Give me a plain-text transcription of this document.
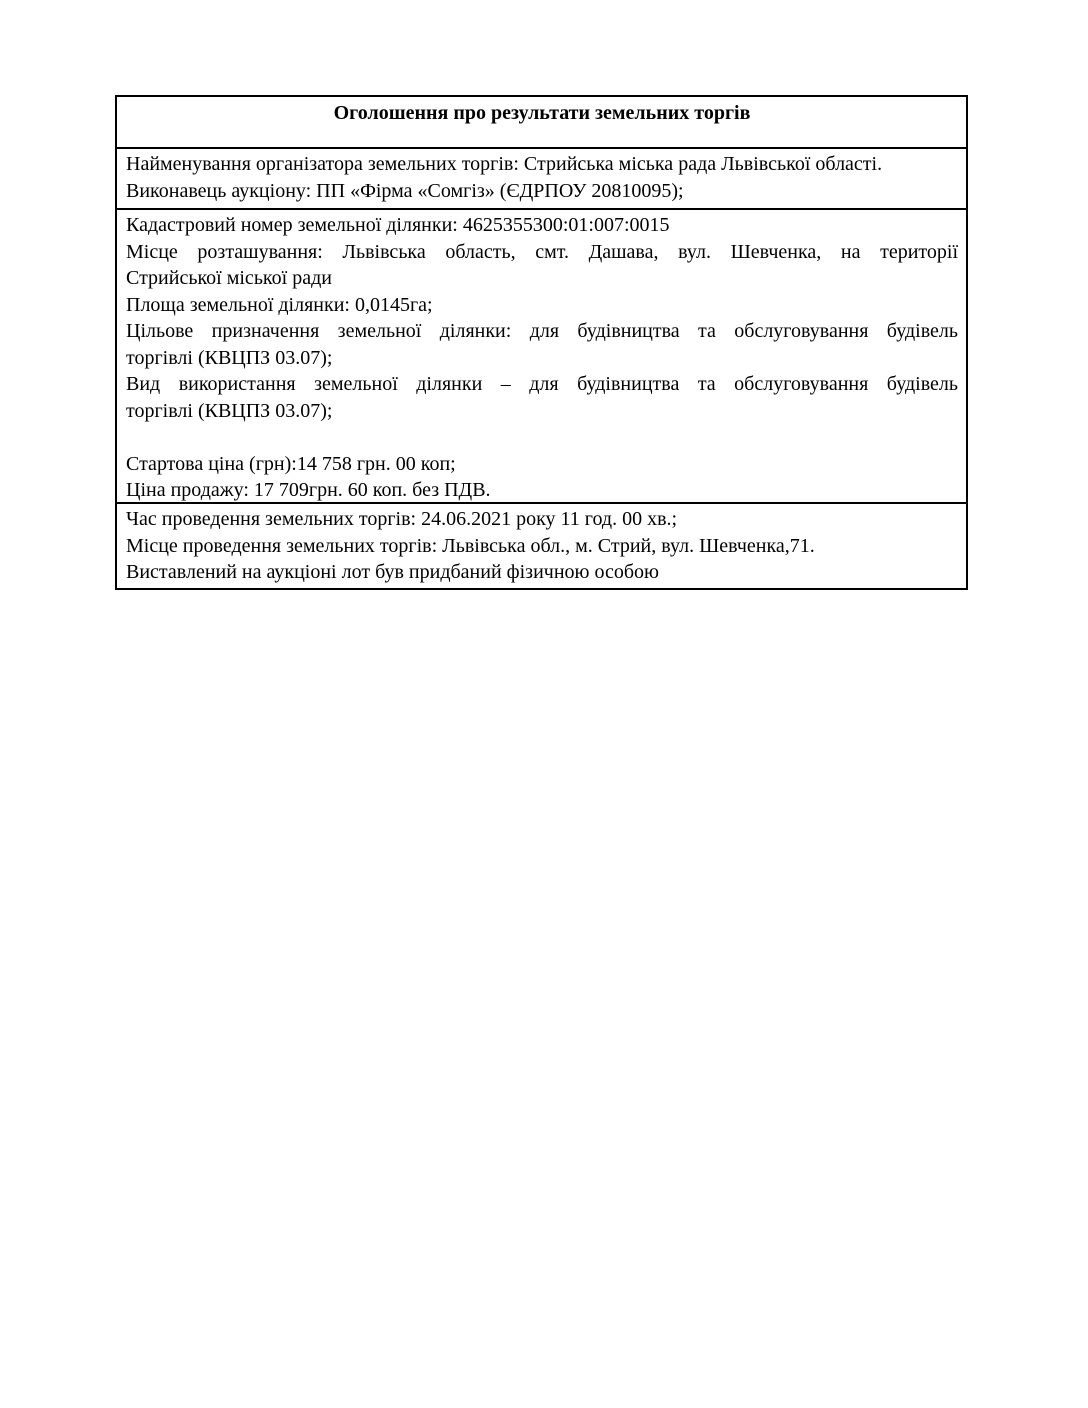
Оголошення про результати земельних торгів
Найменування організатора земельних торгів: Стрийська міська рада Львівської області.
Виконавець аукціону: ПП «Фірма «Сомгіз» (ЄДРПОУ 20810095);
Кадастровий номер земельної ділянки: 4625355300:01:007:0015
Місце розташування: Львівська область, смт. Дашава, вул. Шевченка, на території
Стрийської міської ради
Площа земельної ділянки: 0,0145га;
Цільове призначення земельної ділянки: для будівництва та обслуговування будівель
торгівлі (КВЦПЗ 03.07);
Вид використання земельної ділянки – для будівництва та обслуговування будівель
торгівлі (КВЦПЗ 03.07);
Стартова ціна (грн):14 758 грн. 00 коп;
Ціна продажу: 17 709грн. 60 коп. без ПДВ.
Час проведення земельних торгів: 24.06.2021 року 11 год. 00 хв.;
Місце проведення земельних торгів: Львівська обл., м. Стрий, вул. Шевченка,71.
Виставлений на аукціоні лот був придбаний фізичною особою
